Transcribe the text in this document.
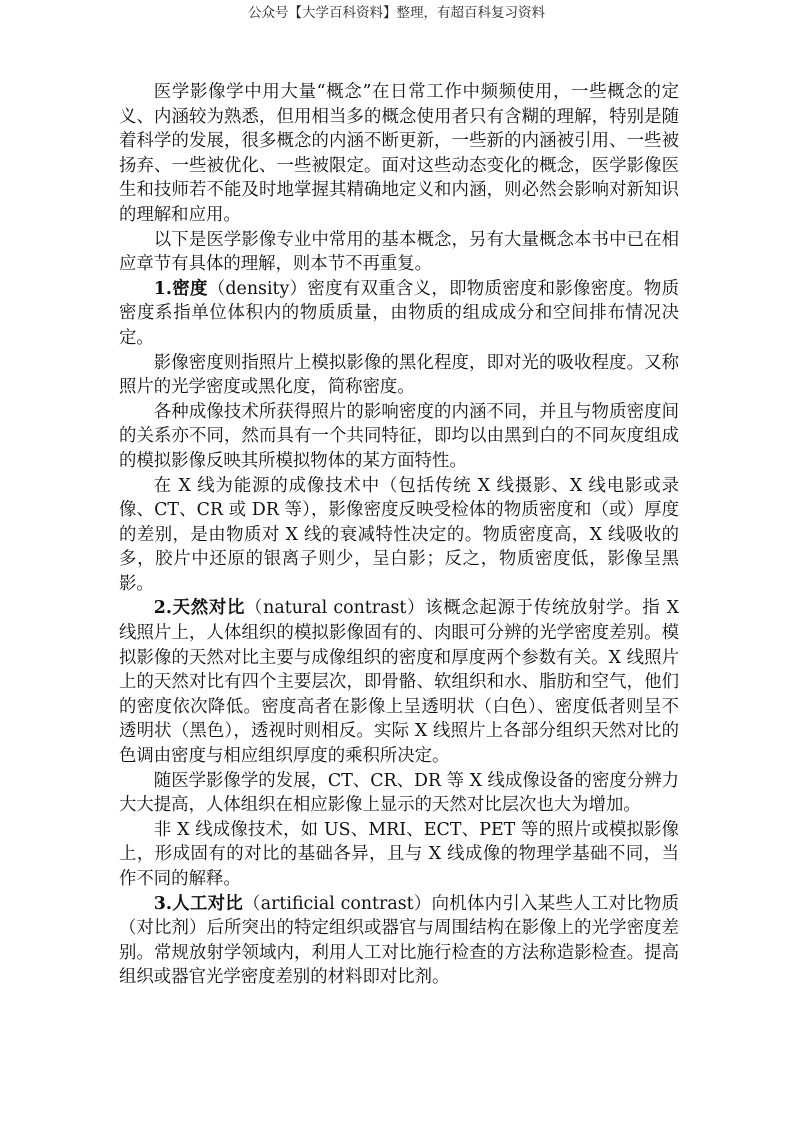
公众号【大学百科资料】整理，有超百科复习资料

医学影像学中用大量“概念”在日常工作中频频使用，一些概念的定义、内涵较为熟悉，但用相当多的概念使用者只有含糊的理解，特别是随着科学的发展，很多概念的内涵不断更新，一些新的内涵被引用、一些被扬弃、一些被优化、一些被限定。面对这些动态变化的概念，医学影像医生和技师若不能及时地掌握其精确地定义和内涵，则必然会影响对新知识的理解和应用。

以下是医学影像专业中常用的基本概念，另有大量概念本书中已在相应章节有具体的理解，则本节不再重复。

1.密度（density）密度有双重含义，即物质密度和影像密度。物质密度系指单位体积内的物质质量，由物质的组成成分和空间排布情况决定。

影像密度则指照片上模拟影像的黑化程度，即对光的吸收程度。又称照片的光学密度或黑化度，简称密度。

各种成像技术所获得照片的影响密度的内涵不同，并且与物质密度间的关系亦不同，然而具有一个共同特征，即均以由黑到白的不同灰度组成的模拟影像反映其所模拟物体的某方面特性。

在 X 线为能源的成像技术中（包括传统 X 线摄影、X 线电影或录像、CT、CR 或 DR 等），影像密度反映受检体的物质密度和（或）厚度的差别，是由物质对 X 线的衰减特性决定的。物质密度高，X 线吸收的多，胶片中还原的银离子则少，呈白影；反之，物质密度低，影像呈黑影。

2.天然对比（natural contrast）该概念起源于传统放射学。指 X 线照片上，人体组织的模拟影像固有的、肉眼可分辨的光学密度差别。模拟影像的天然对比主要与成像组织的密度和厚度两个参数有关。X 线照片上的天然对比有四个主要层次，即骨骼、软组织和水、脂肪和空气，他们的密度依次降低。密度高者在影像上呈透明状（白色）、密度低者则呈不透明状（黑色），透视时则相反。实际 X 线照片上各部分组织天然对比的色调由密度与相应组织厚度的乘积所决定。

随医学影像学的发展，CT、CR、DR 等 X 线成像设备的密度分辨力大大提高，人体组织在相应影像上显示的天然对比层次也大为增加。

非 X 线成像技术，如 US、MRI、ECT、PET 等的照片或模拟影像上，形成固有的对比的基础各异，且与 X 线成像的物理学基础不同，当作不同的解释。

3.人工对比（artificial contrast）向机体内引入某些人工对比物质（对比剂）后所突出的特定组织或器官与周围结构在影像上的光学密度差别。常规放射学领域内，利用人工对比施行检查的方法称造影检查。提高组织或器官光学密度差别的材料即对比剂。
